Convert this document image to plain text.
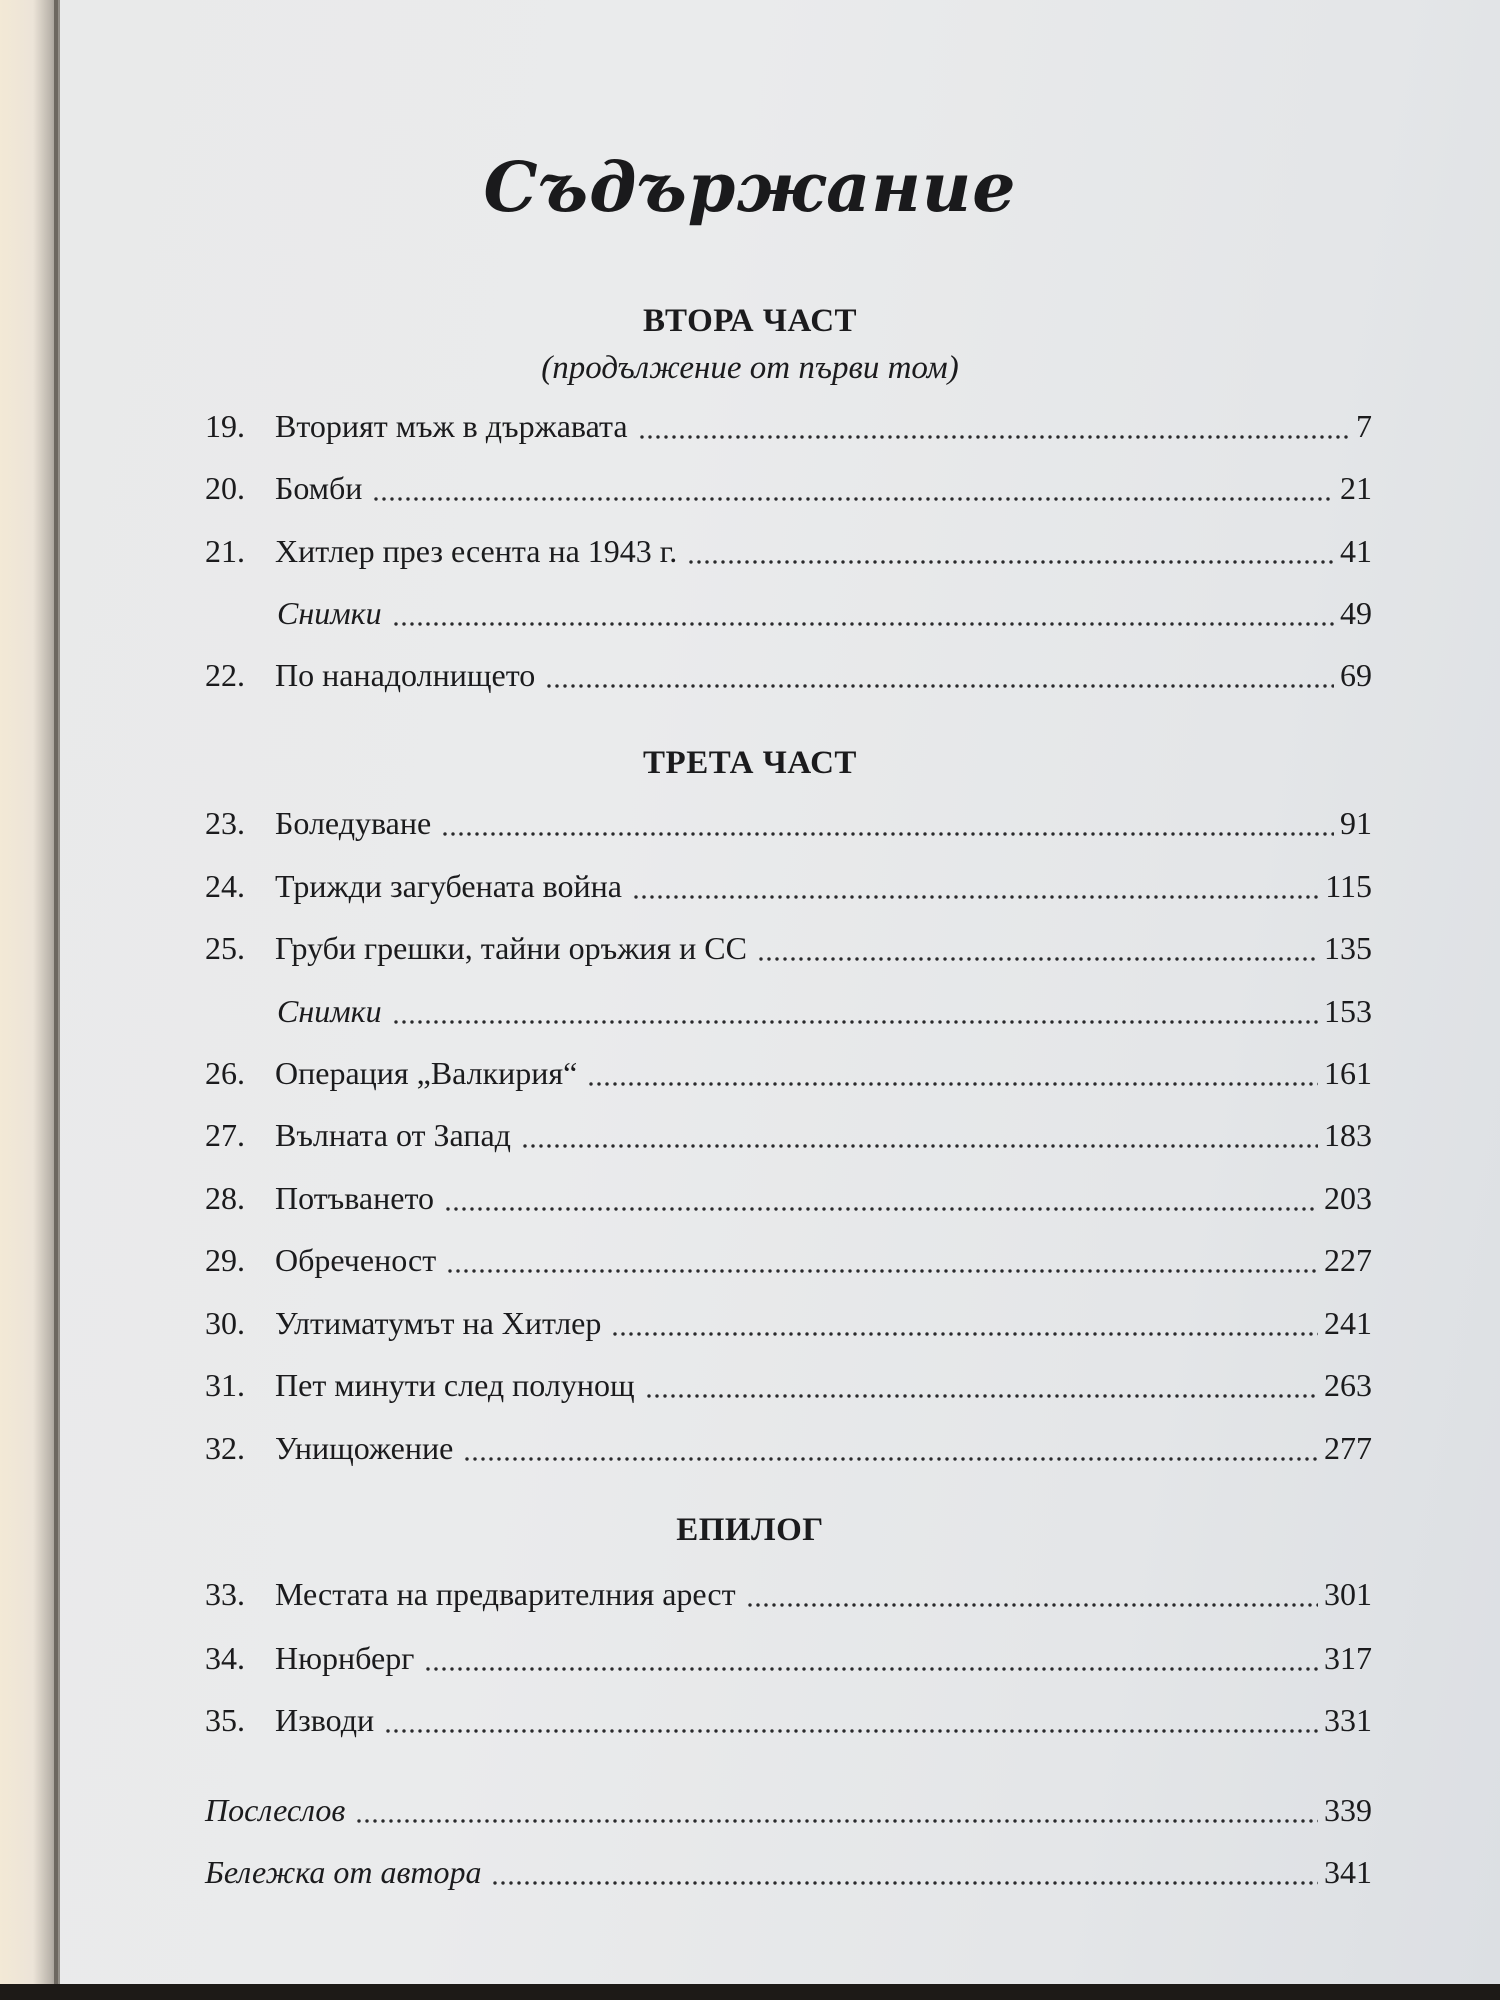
Съдържание
ВТОРА ЧАСТ
(продължение от първи том)
19. Вторият мъж в държавата	7
20. Бомби	21
21. Хитлер през есента на 1943 г.	41
Снимки	49
22. По нанадолнището	69
ТРЕТА ЧАСТ
23. Боледуване	91
24. Трижди загубената война	115
25. Груби грешки, тайни оръжия и СС	135
Снимки	153
26. Операция „Валкирия“	161
27. Вълната от Запад	183
28. Потъването	203
29. Обреченост	227
30. Ултиматумът на Хитлер	241
31. Пет минути след полунощ	263
32. Унищожение	277
ЕПИЛОГ
33. Местата на предварителния арест	301
34. Нюрнберг	317
35. Изводи	331
Послеслов	339
Бележка от автора	341
